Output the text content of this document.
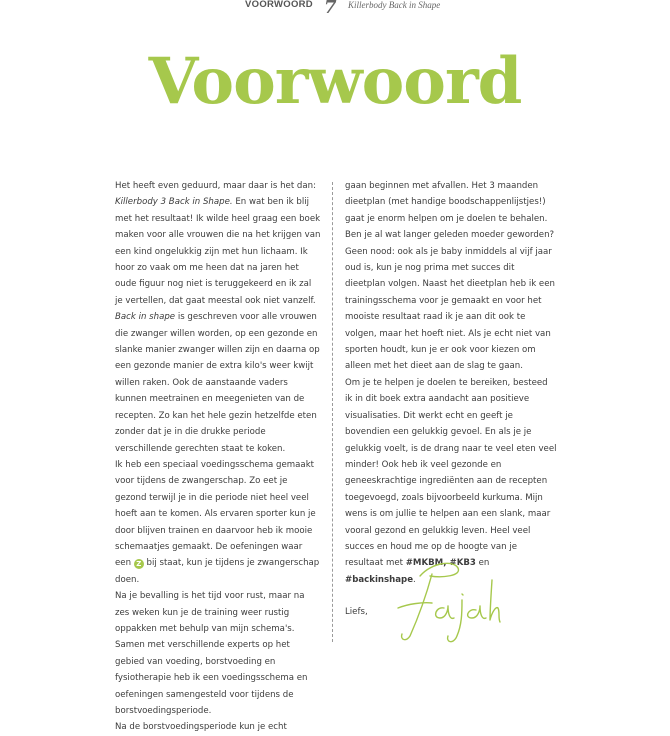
VOORWOORD 7 Killerbody Back in Shape
Voorwoord

Het heeft even geduurd, maar daar is het dan: Killerbody 3 Back in Shape. En wat ben ik blij met het resultaat! Ik wilde heel graag een boek maken voor alle vrouwen die na het krijgen van een kind ongelukkig zijn met hun lichaam. Ik hoor zo vaak om me heen dat na jaren het oude figuur nog niet is teruggekeerd en ik zal je vertellen, dat gaat meestal ook niet vanzelf.

Back in shape is geschreven voor alle vrouwen die zwanger willen worden, op een gezonde en slanke manier zwanger willen zijn en daarna op een gezonde manier de extra kilo's weer kwijt willen raken. Ook de aanstaande vaders kunnen meetrainen en meegenieten van de recepten. Zo kan het hele gezin hetzelfde eten zonder dat je in die drukke periode verschillende gerechten staat te koken.

Ik heb een speciaal voedingsschema gemaakt voor tijdens de zwangerschap. Zo eet je gezond terwijl je in die periode niet heel veel hoeft aan te komen. Als ervaren sporter kun je door blijven trainen en daarvoor heb ik mooie schemaatjes gemaakt. De oefeningen waar een Z bij staat, kun je tijdens je zwangerschap doen.

Na je bevalling is het tijd voor rust, maar na zes weken kun je de training weer rustig oppakken met behulp van mijn schema's. Samen met verschillende experts op het gebied van voeding, borstvoeding en fysiotherapie heb ik een voedingsschema en oefeningen samengesteld voor tijdens de borstvoedingsperiode.

Na de borstvoedingsperiode kun je echt

gaan beginnen met afvallen. Het 3 maanden dieetplan (met handige boodschappenlijstjes!) gaat je enorm helpen om je doelen te behalen. Ben je al wat langer geleden moeder geworden? Geen nood: ook als je baby inmiddels al vijf jaar oud is, kun je nog prima met succes dit dieetplan volgen. Naast het dieetplan heb ik een trainingsschema voor je gemaakt en voor het mooiste resultaat raad ik je aan dit ook te volgen, maar het hoeft niet. Als je echt niet van sporten houdt, kun je er ook voor kiezen om alleen met het dieet aan de slag te gaan.

Om je te helpen je doelen te bereiken, besteed ik in dit boek extra aandacht aan positieve visualisaties. Dit werkt echt en geeft je bovendien een gelukkig gevoel. En als je je gelukkig voelt, is de drang naar te veel eten veel minder! Ook heb ik veel gezonde en geneeskrachtige ingrediënten aan de recepten toegevoegd, zoals bijvoorbeeld kurkuma. Mijn wens is om jullie te helpen aan een slank, maar vooral gezond en gelukkig leven. Heel veel succes en houd me op de hoogte van je resultaat met #MKBM, #KB3 en #backinshape.

Liefs,
